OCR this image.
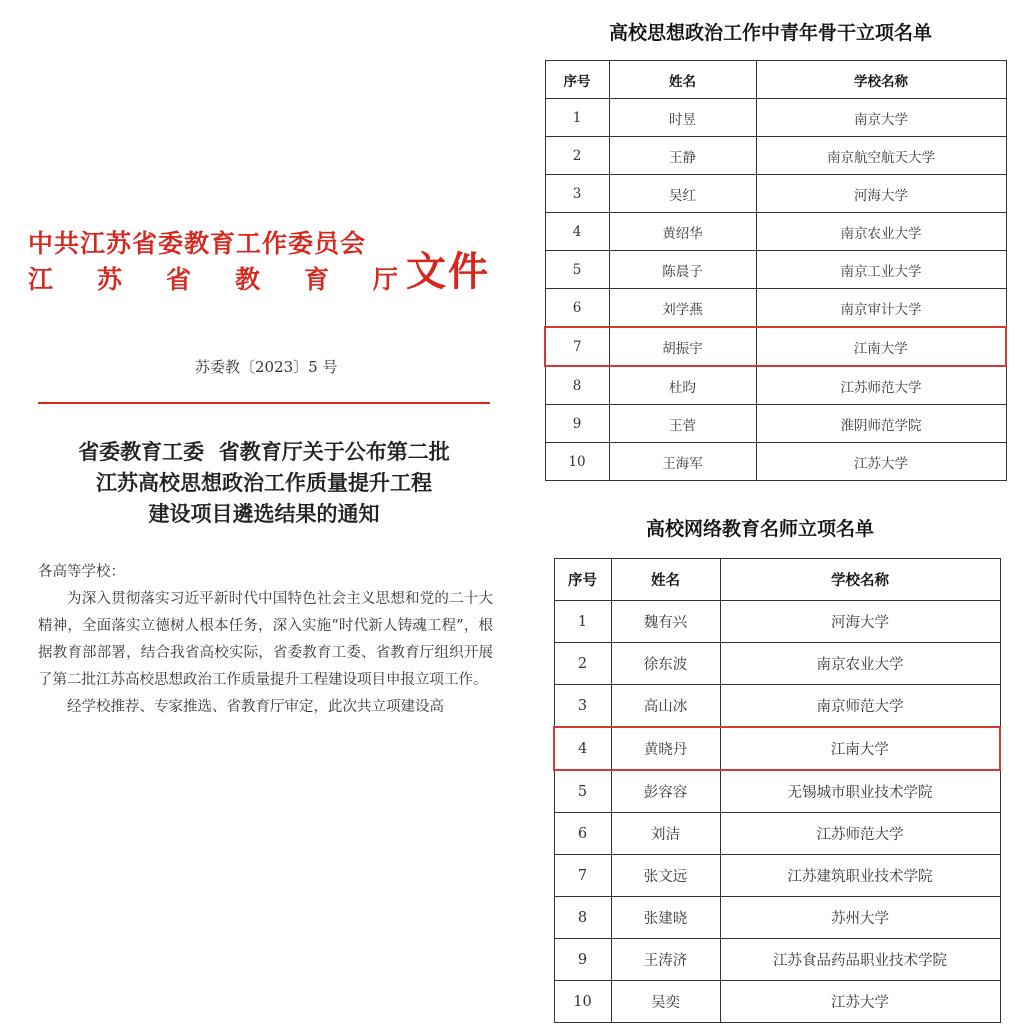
中共江苏省委教育工作委员会
江 苏 省 教 育 厅 文件
苏委教〔2023〕5 号
省委教育工委  省教育厅关于公布第二批
江苏高校思想政治工作质量提升工程
建设项目遴选结果的通知

各高等学校：

为深入贯彻落实习近平新时代中国特色社会主义思想和党的二十大精神，全面落实立德树人根本任务，深入实施“时代新人铸魂工程”，根据教育部部署，结合我省高校实际，省委教育工委、省教育厅组织开展了第二批江苏高校思想政治工作质量提升工程建设项目申报立项工作。

经学校推荐、专家推选、省教育厅审定，此次共立项建设高

高校思想政治工作中青年骨干立项名单
序号	姓名	学校名称
1	时昱	南京大学
2	王静	南京航空航天大学
3	吴红	河海大学
4	黄绍华	南京农业大学
5	陈晨子	南京工业大学
6	刘学燕	南京审计大学
7	胡振宇	江南大学
8	杜昀	江苏师范大学
9	王菅	淮阴师范学院
10	王海军	江苏大学
高校网络教育名师立项名单
序号	姓名	学校名称
1	魏有兴	河海大学
2	徐东波	南京农业大学
3	高山冰	南京师范大学
4	黄晓丹	江南大学
5	彭容容	无锡城市职业技术学院
6	刘洁	江苏师范大学
7	张文远	江苏建筑职业技术学院
8	张建晓	苏州大学
9	王涛济	江苏食品药品职业技术学院
10	吴奕	江苏大学
